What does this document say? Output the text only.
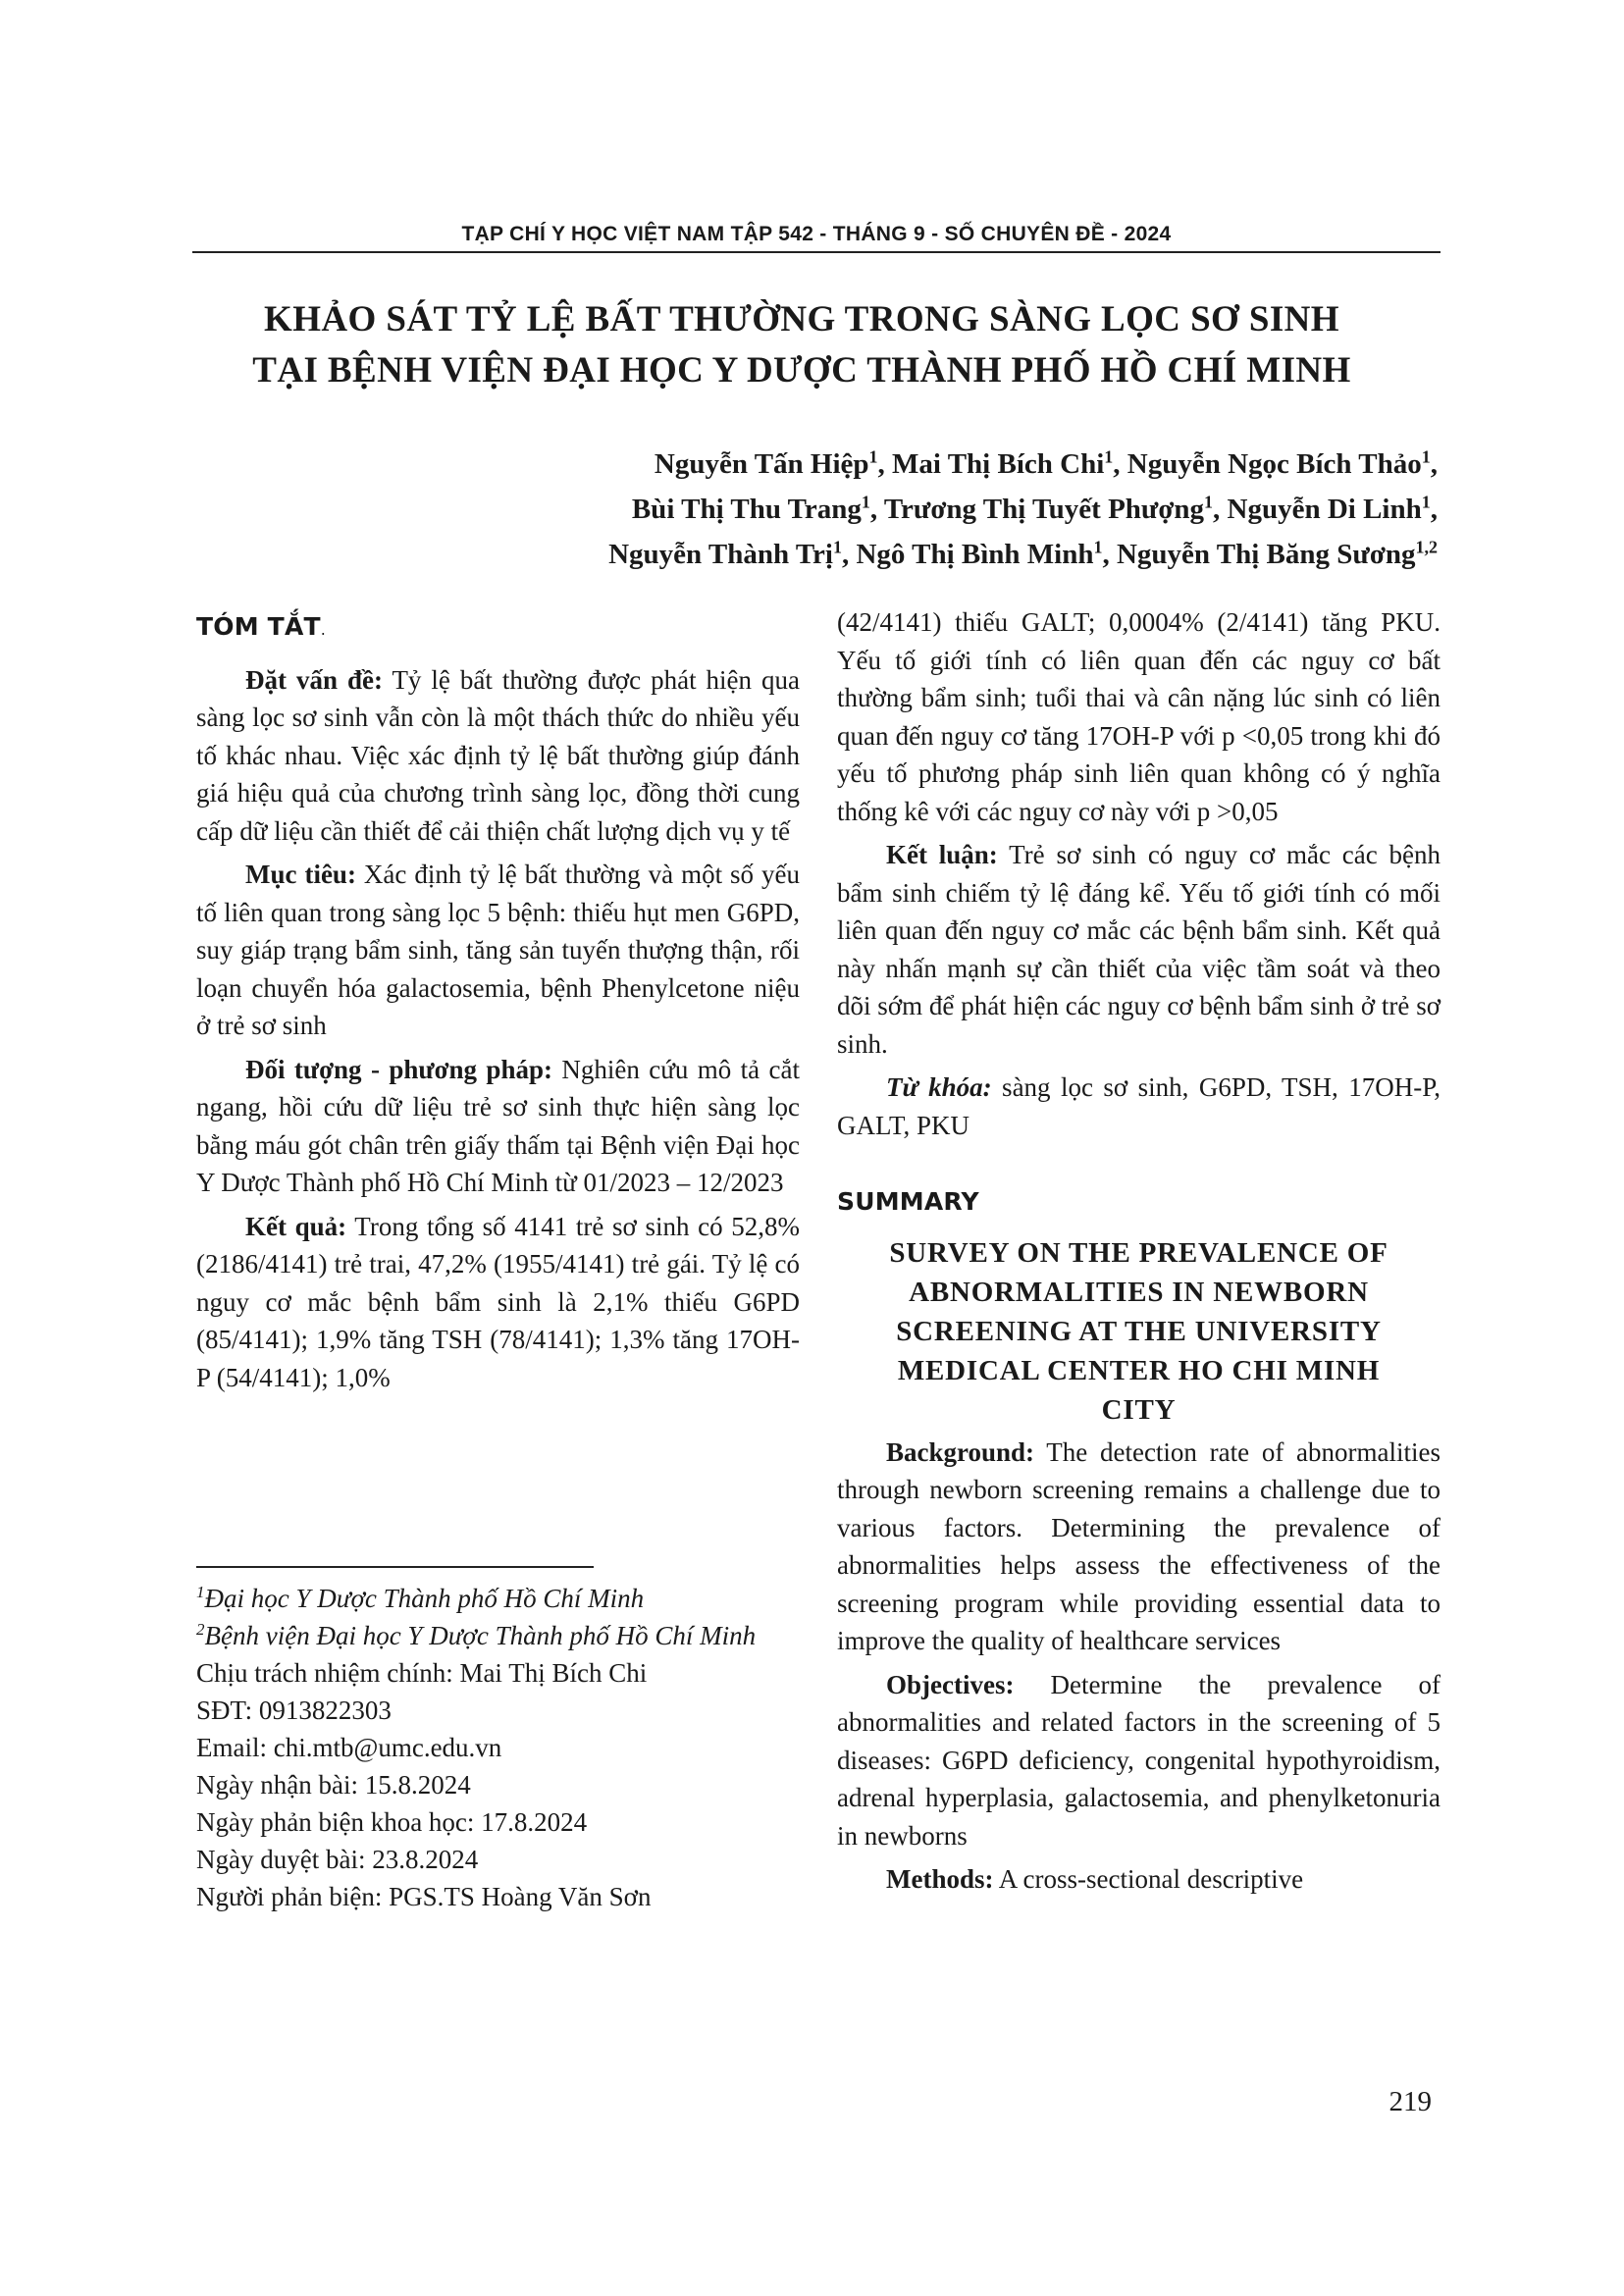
TẠP CHÍ Y HỌC VIỆT NAM TẬP 542 - THÁNG 9 - SỐ CHUYÊN ĐỀ - 2024
KHẢO SÁT TỶ LỆ BẤT THƯỜNG TRONG SÀNG LỌC SƠ SINH
TẠI BỆNH VIỆN ĐẠI HỌC Y DƯỢC THÀNH PHỐ HỒ CHÍ MINH
Nguyễn Tấn Hiệp$^1$, Mai Thị Bích Chi$^1$, Nguyễn Ngọc Bích Thảo$^1$,
Bùi Thị Thu Trang$^1$, Trương Thị Tuyết Phượng$^1$, Nguyễn Di Linh$^1$,
Nguyễn Thành Trị$^1$, Ngô Thị Bình Minh$^1$, Nguyễn Thị Băng Sương$^{1,2}$
TÓM TẮT.

Đặt vấn đề: Tỷ lệ bất thường được phát hiện qua sàng lọc sơ sinh vẫn còn là một thách thức do nhiều yếu tố khác nhau. Việc xác định tỷ lệ bất thường giúp đánh giá hiệu quả của chương trình sàng lọc, đồng thời cung cấp dữ liệu cần thiết để cải thiện chất lượng dịch vụ y tế

Mục tiêu: Xác định tỷ lệ bất thường và một số yếu tố liên quan trong sàng lọc 5 bệnh: thiếu hụt men G6PD, suy giáp trạng bẩm sinh, tăng sản tuyến thượng thận, rối loạn chuyển hóa galactosemia, bệnh Phenylcetone niệu ở trẻ sơ sinh

Đối tượng - phương pháp: Nghiên cứu mô tả cắt ngang, hồi cứu dữ liệu trẻ sơ sinh thực hiện sàng lọc bằng máu gót chân trên giấy thấm tại Bệnh viện Đại học Y Dược Thành phố Hồ Chí Minh từ 01/2023 – 12/2023

Kết quả: Trong tổng số 4141 trẻ sơ sinh có 52,8% (2186/4141) trẻ trai, 47,2% (1955/4141) trẻ gái. Tỷ lệ có nguy cơ mắc bệnh bẩm sinh là 2,1% thiếu G6PD (85/4141); 1,9% tăng TSH (78/4141); 1,3% tăng 17OH-P (54/4141); 1,0%

$^1$Đại học Y Dược Thành phố Hồ Chí Minh
$^2$Bệnh viện Đại học Y Dược Thành phố Hồ Chí Minh
Chịu trách nhiệm chính: Mai Thị Bích Chi
SĐT: 0913822303
Email: chi.mtb@umc.edu.vn
Ngày nhận bài: 15.8.2024
Ngày phản biện khoa học: 17.8.2024
Ngày duyệt bài: 23.8.2024
Người phản biện: PGS.TS Hoàng Văn Sơn

(42/4141) thiếu GALT; 0,0004% (2/4141) tăng PKU. Yếu tố giới tính có liên quan đến các nguy cơ bất thường bẩm sinh; tuổi thai và cân nặng lúc sinh có liên quan đến nguy cơ tăng 17OH-P với p <0,05 trong khi đó yếu tố phương pháp sinh liên quan không có ý nghĩa thống kê với các nguy cơ này với p >0,05

Kết luận: Trẻ sơ sinh có nguy cơ mắc các bệnh bẩm sinh chiếm tỷ lệ đáng kể. Yếu tố giới tính có mối liên quan đến nguy cơ mắc các bệnh bẩm sinh. Kết quả này nhấn mạnh sự cần thiết của việc tầm soát và theo dõi sớm để phát hiện các nguy cơ bệnh bẩm sinh ở trẻ sơ sinh.

Từ khóa: sàng lọc sơ sinh, G6PD, TSH, 17OH-P, GALT, PKU

SUMMARY
SURVEY ON THE PREVALENCE OF
ABNORMALITIES IN NEWBORN
SCREENING AT THE UNIVERSITY
MEDICAL CENTER HO CHI MINH
CITY

Background: The detection rate of abnormalities through newborn screening remains a challenge due to various factors. Determining the prevalence of abnormalities helps assess the effectiveness of the screening program while providing essential data to improve the quality of healthcare services

Objectives: Determine the prevalence of abnormalities and related factors in the screening of 5 diseases: G6PD deficiency, congenital hypothyroidism, adrenal hyperplasia, galactosemia, and phenylketonuria in newborns

Methods: A cross-sectional descriptive

219
